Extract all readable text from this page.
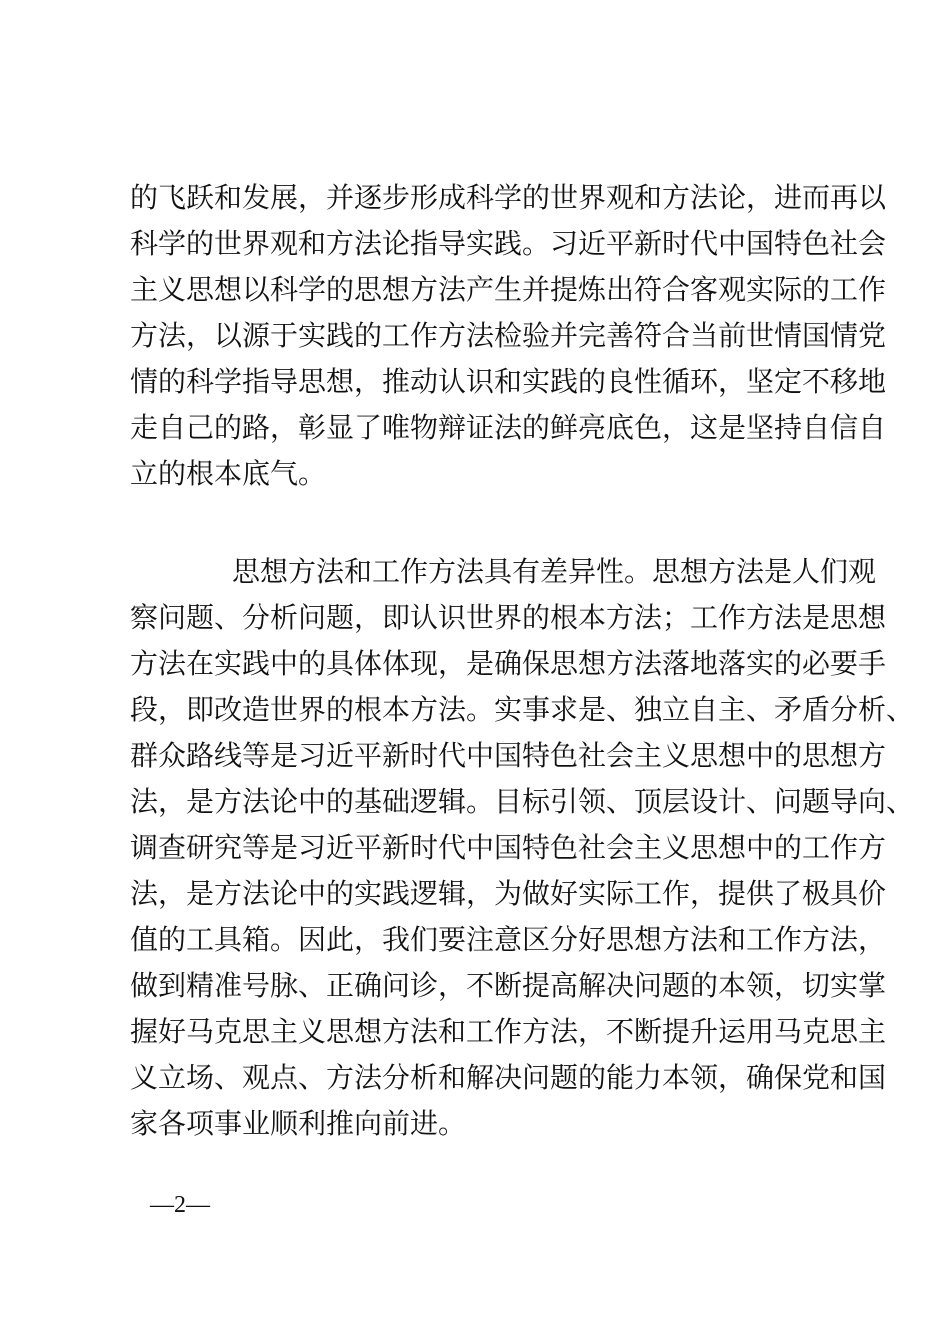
的飞跃和发展，并逐步形成科学的世界观和方法论，进而再以
科学的世界观和方法论指导实践。习近平新时代中国特色社会
主义思想以科学的思想方法产生并提炼出符合客观实际的工作
方法，以源于实践的工作方法检验并完善符合当前世情国情党
情的科学指导思想，推动认识和实践的良性循环，坚定不移地
走自己的路，彰显了唯物辩证法的鲜亮底色，这是坚持自信自
立的根本底气。
思想方法和工作方法具有差异性。思想方法是人们观
察问题、分析问题，即认识世界的根本方法；工作方法是思想
方法在实践中的具体体现，是确保思想方法落地落实的必要手
段，即改造世界的根本方法。实事求是、独立自主、矛盾分析、
群众路线等是习近平新时代中国特色社会主义思想中的思想方
法，是方法论中的基础逻辑。目标引领、顶层设计、问题导向、
调查研究等是习近平新时代中国特色社会主义思想中的工作方
法，是方法论中的实践逻辑，为做好实际工作，提供了极具价
值的工具箱。因此，我们要注意区分好思想方法和工作方法，
做到精准号脉、正确问诊，不断提高解决问题的本领，切实掌
握好马克思主义思想方法和工作方法，不断提升运用马克思主
义立场、观点、方法分析和解决问题的能力本领，确保党和国
家各项事业顺利推向前进。
—2—
